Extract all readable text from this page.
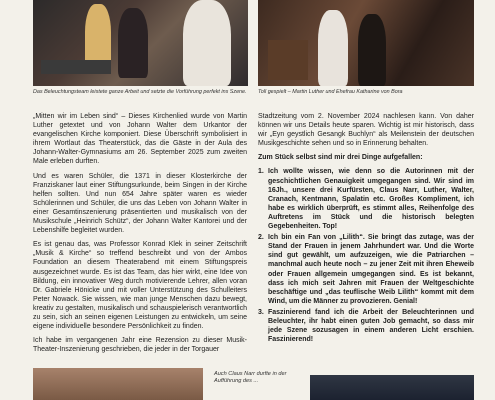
Das Beleuchtungsteam leistete ganze Arbeit und setzte die Vorführung perfekt ins Szene. Toll gespielt – Martin Luther und Ehefrau Katharine von Bora

„Mitten wir im Leben sind“ – Dieses Kirchenlied wurde von Martin Luther getextet und von Johann Walter dem Urkantor der evangelischen Kirche komponiert. Diese Überschrift symbolisiert in ihrem Wortlaut das Theaterstück, das die Gäste in der Aula des Johann-Walter-Gymnasiums am 26. September 2025 zum zweiten Male erleben durften.

Und es waren Schüler, die 1371 in dieser Klosterkirche der Franziskaner laut einer Stiftungsurkunde, beim Singen in der Kirche helfen sollten. Und nun 654 Jahre später waren es wieder Schülerinnen und Schüler, die uns das Leben von Johann Walter in einer Gesamtinszenierung präsentierten und musikalisch von der Musikschule „Heinrich Schütz“, der Johann Walter Kantorei und der Lebenshilfe begleitet wurden.

Es ist genau das, was Professor Konrad Klek in seiner Zeitschrift „Musik & Kirche“ so treffend beschreibt und von der Ambos Foundation an diesem Theaterabend mit einem Stiftungspreis ausgezeichnet wurde. Es ist das Team, das hier wirkt, eine Idee von Bildung, ein innovativer Weg durch motivierende Lehrer, allen voran Dr. Gabriele Hönicke und mit voller Unterstützung des Schulleiters Peter Nowack. Sie wissen, wie man junge Menschen dazu bewegt, kreativ zu gestalten, musikalisch und schauspielerisch verantwortlich zu sein, sich an seinen eigenen Leistungen zu entwickeln, um seine eigene individuelle besondere Persönlichkeit zu finden.

Ich habe im vergangenen Jahr eine Rezension zu dieser Musik-Theater-Inszenierung geschrieben, die jeder in der Torgauer

Stadtzeitung vom 2. November 2024 nachlesen kann. Von daher können wir uns Details heute sparen. Wichtig ist mir historisch, dass wir „Eyn geystlich Gesangk Buchlyn“ als Meilenstein der deutschen Musikgeschichte sehen und so in Erinnerung behalten.

Zum Stück selbst sind mir drei Dinge aufgefallen:

1. Ich wollte wissen, wie denn so die Autorinnen mit der geschichtlichen Genauigkeit umgegangen sind. Wir sind im 16Jh., unsere drei Kurfürsten, Claus Narr, Luther, Walter, Cranach, Kentmann, Spalatin etc. Großes Kompliment, ich habe es wirklich überprüft, es stimmt alles, Reihenfolge des Auftretens im Stück und die historisch belegten Gegebenheiten. Top!
2. Ich bin ein Fan von „Lilith“. Sie bringt das zutage, was der Stand der Frauen in jenem Jahrhundert war. Und die Worte sind gut gewählt, um aufzuzeigen, wie die Patriarchen – manchmal auch heute noch – zu jener Zeit mit ihren Eheweib oder Frauen allgemein umgegangen sind. Es ist bekannt, dass ich mich seit Jahren mit Frauen der Weltgeschichte beschäftige und „das teuflische Weib Lilith“ kommt mit dem Wind, um die Männer zu provozieren. Genial!
3. Faszinierend fand ich die Arbeit der Beleuchterinnen und Beleuchter, ihr habt einen guten Job gemacht, so dass mir jede Szene sozusagen in einem anderen Licht erschien. Faszinierend!
Auch Claus Narr durfte in der Aufführung des ...
